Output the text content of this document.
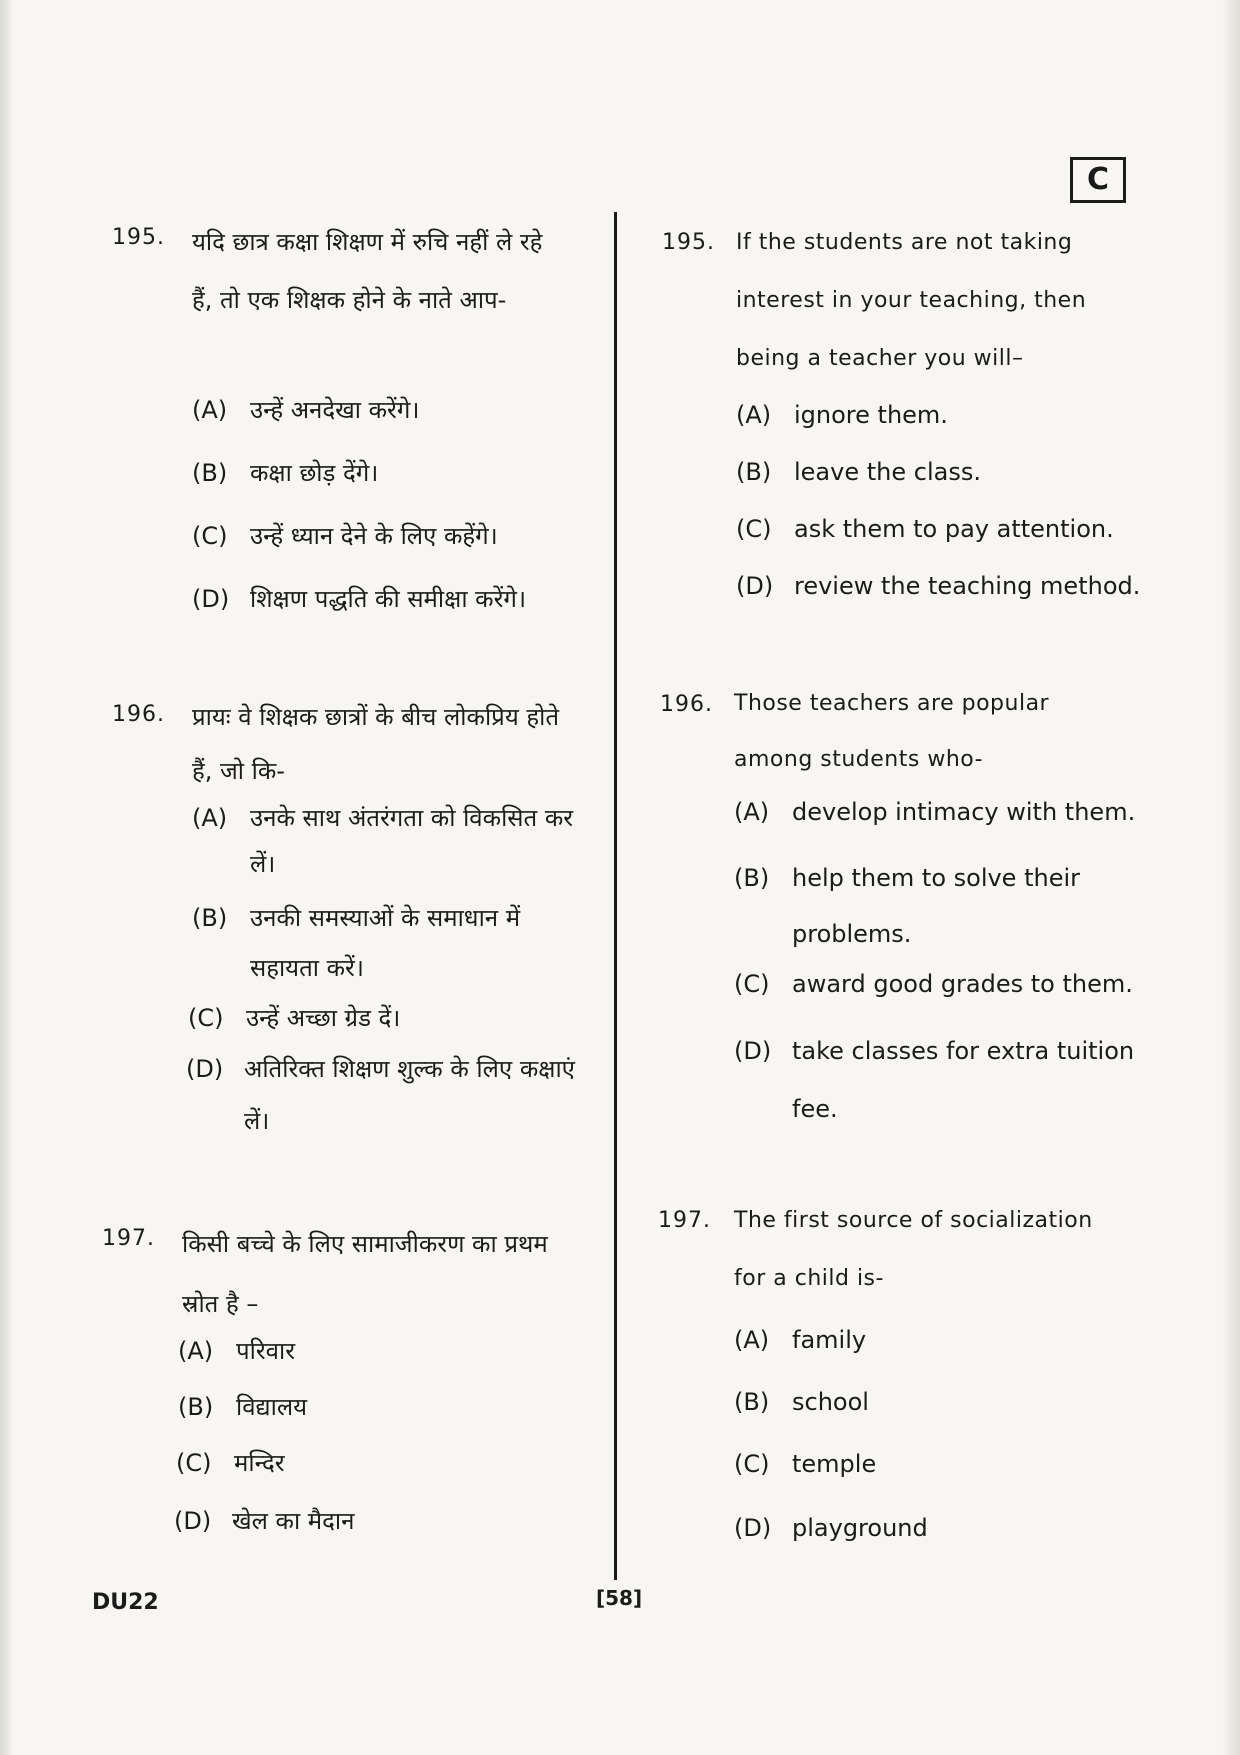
C
195. यदि छात्र कक्षा शिक्षण में रुचि नहीं ले रहे
हैं, तो एक शिक्षक होने के नाते आप-
(A) उन्हें अनदेखा करेंगे।
(B) कक्षा छोड़ देंगे।
(C) उन्हें ध्यान देने के लिए कहेंगे।
(D) शिक्षण पद्धति की समीक्षा करेंगे।
196. प्रायः वे शिक्षक छात्रों के बीच लोकप्रिय होते
हैं, जो कि-
(A) उनके साथ अंतरंगता को विकसित कर
लें।
(B) उनकी समस्याओं के समाधान में
सहायता करें।
(C) उन्हें अच्छा ग्रेड दें।
(D) अतिरिक्त शिक्षण शुल्क के लिए कक्षाएं
लें।
197. किसी बच्चे के लिए सामाजीकरण का प्रथम
स्रोत है –
(A) परिवार
(B) विद्यालय
(C) मन्दिर
(D) खेल का मैदान
195. If the students are not taking
interest in your teaching, then
being a teacher you will–
(A) ignore them.
(B) leave the class.
(C) ask them to pay attention.
(D) review the teaching method.
196. Those teachers are popular
among students who-
(A) develop intimacy with them.
(B) help them to solve their
problems.
(C) award good grades to them.
(D) take classes for extra tuition
fee.
197. The first source of socialization
for a child is-
(A) family
(B) school
(C) temple
(D) playground
DU22	[58]
